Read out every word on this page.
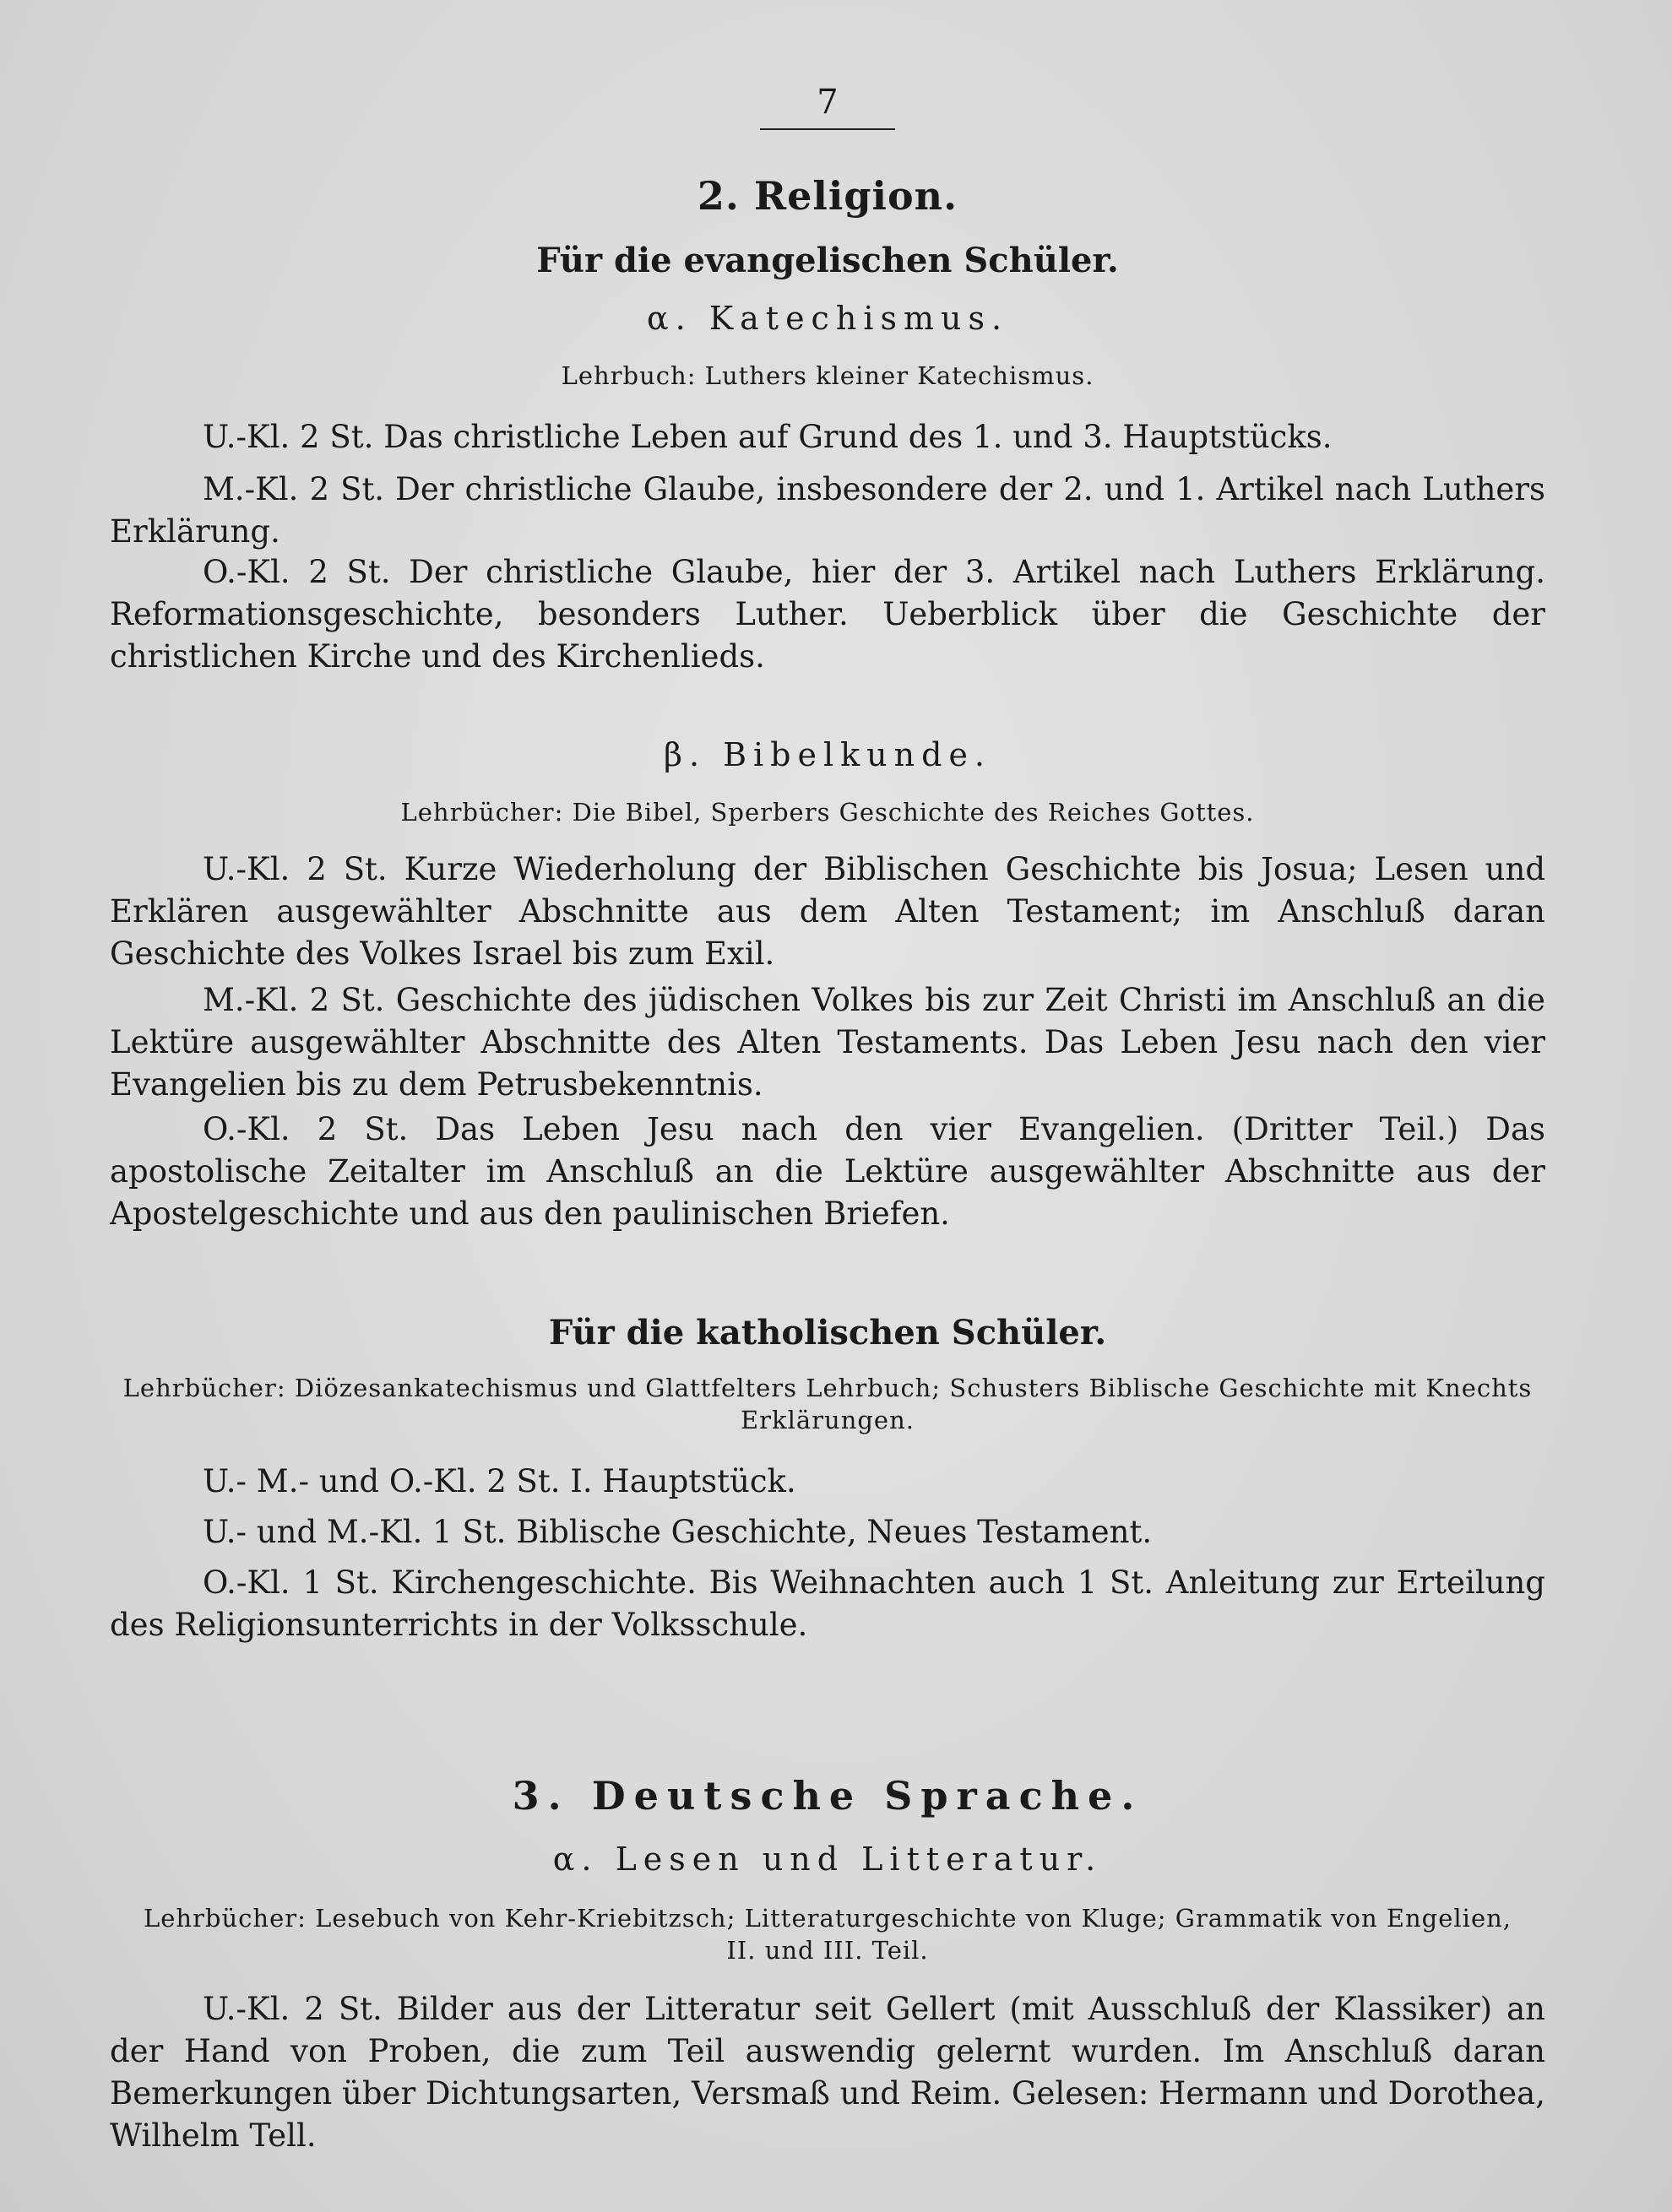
7
2. Religion.
Für die evangelischen Schüler.
α. Katechismus.
Lehrbuch: Luthers kleiner Katechismus.

U.-Kl. 2 St. Das christliche Leben auf Grund des 1. und 3. Hauptstücks.

M.-Kl. 2 St. Der christliche Glaube, insbesondere der 2. und 1. Artikel nach Luthers Erklärung.

O.-Kl. 2 St. Der christliche Glaube, hier der 3. Artikel nach Luthers Erklärung. Reformationsgeschichte, besonders Luther. Ueberblick über die Geschichte der christlichen Kirche und des Kirchenlieds.

β. Bibelkunde.
Lehrbücher: Die Bibel, Sperbers Geschichte des Reiches Gottes.

U.-Kl. 2 St. Kurze Wiederholung der Biblischen Geschichte bis Josua; Lesen und Erklären ausgewählter Abschnitte aus dem Alten Testament; im Anschluß daran Geschichte des Volkes Israel bis zum Exil.

M.-Kl. 2 St. Geschichte des jüdischen Volkes bis zur Zeit Christi im Anschluß an die Lektüre ausgewählter Abschnitte des Alten Testaments. Das Leben Jesu nach den vier Evangelien bis zu dem Petrusbekenntnis.

O.-Kl. 2 St. Das Leben Jesu nach den vier Evangelien. (Dritter Teil.) Das apostolische Zeitalter im Anschluß an die Lektüre ausgewählter Abschnitte aus der Apostelgeschichte und aus den paulinischen Briefen.

Für die katholischen Schüler.
Lehrbücher: Diözesankatechismus und Glattfelters Lehrbuch; Schusters Biblische Geschichte mit Knechts
Erklärungen.

U.- M.- und O.-Kl. 2 St. I. Hauptstück.

U.- und M.-Kl. 1 St. Biblische Geschichte, Neues Testament.

O.-Kl. 1 St. Kirchengeschichte. Bis Weihnachten auch 1 St. Anleitung zur Erteilung des Religionsunterrichts in der Volksschule.

3. Deutsche Sprache.
α. Lesen und Litteratur.
Lehrbücher: Lesebuch von Kehr-Kriebitzsch; Litteraturgeschichte von Kluge; Grammatik von Engelien,
II. und III. Teil.

U.-Kl. 2 St. Bilder aus der Litteratur seit Gellert (mit Ausschluß der Klassiker) an der Hand von Proben, die zum Teil auswendig gelernt wurden. Im Anschluß daran Bemerkungen über Dichtungsarten, Versmaß und Reim. Gelesen: Hermann und Dorothea, Wilhelm Tell.
